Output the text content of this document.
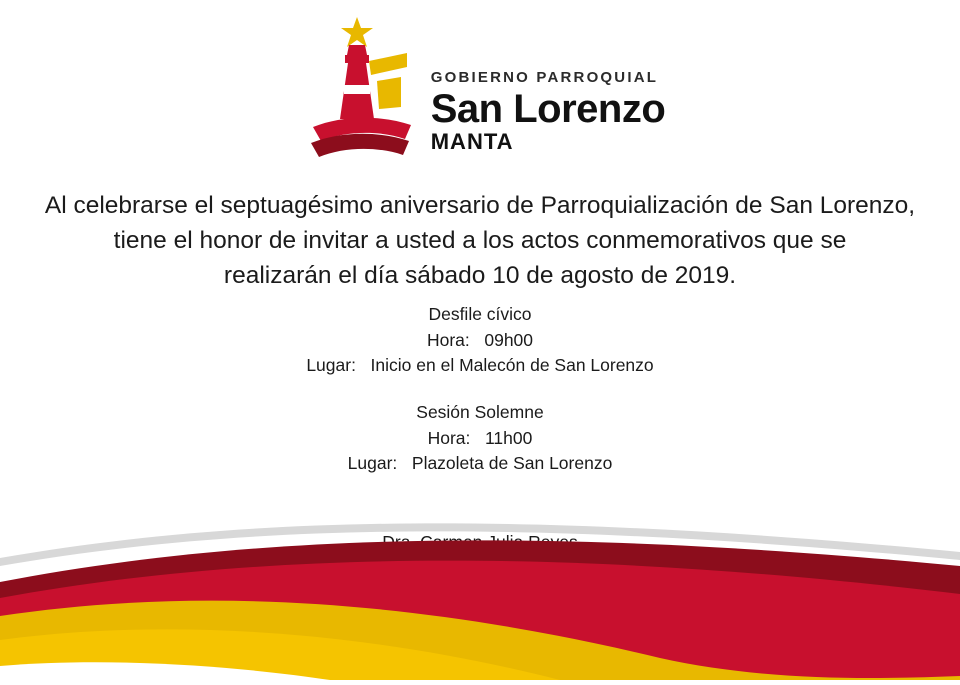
GOBIERNO PARROQUIAL
San Lorenzo
MANTA

Al celebrarse el septuagésimo aniversario de Parroquialización de San Lorenzo,

tiene el honor de invitar a usted a los actos conmemorativos que se

realizarán el día sábado 10 de agosto de 2019.

Desfile cívico
Hora: 09h00
Lugar: Inicio en el Malecón de San Lorenzo
Sesión Solemne
Hora: 11h00
Lugar: Plazoleta de San Lorenzo
